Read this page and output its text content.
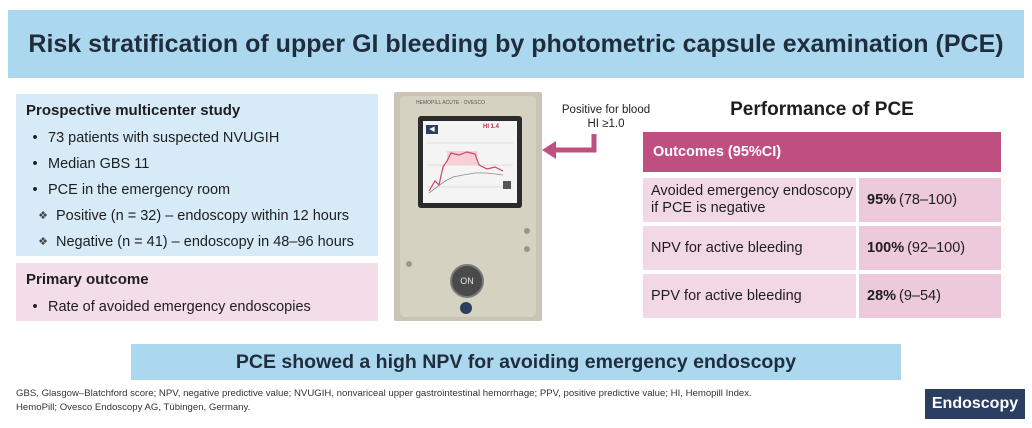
Risk stratification of upper GI bleeding by photometric capsule examination (PCE)
Prospective multicenter study
• 73 patients with suspected NVUGIH
• Median GBS 11
• PCE in the emergency room
❖ Positive (n = 32) – endoscopy within 12 hours
❖ Negative (n = 41) – endoscopy in 48–96 hours
Primary outcome
• Rate of avoided emergency endoscopies
HEMOPILL ACUTE · OVESCO
◀	HI 1.4
ON
Positive for blood
HI ≥1.0
Performance of PCE
Outcomes (95%CI)
Avoided emergency endoscopy if PCE is negative	95% (78–100)
NPV for active bleeding	100% (92–100)
PPV for active bleeding	28% (9–54)
PCE showed a high NPV for avoiding emergency endoscopy
GBS, Glasgow–Blatchford score; NPV, negative predictive value; NVUGIH, nonvariceal upper gastrointestinal hemorrhage; PPV, positive predictive value; HI, Hemopill Index.
HemoPill; Ovesco Endoscopy AG, Tübingen, Germany.	Endoscopy
